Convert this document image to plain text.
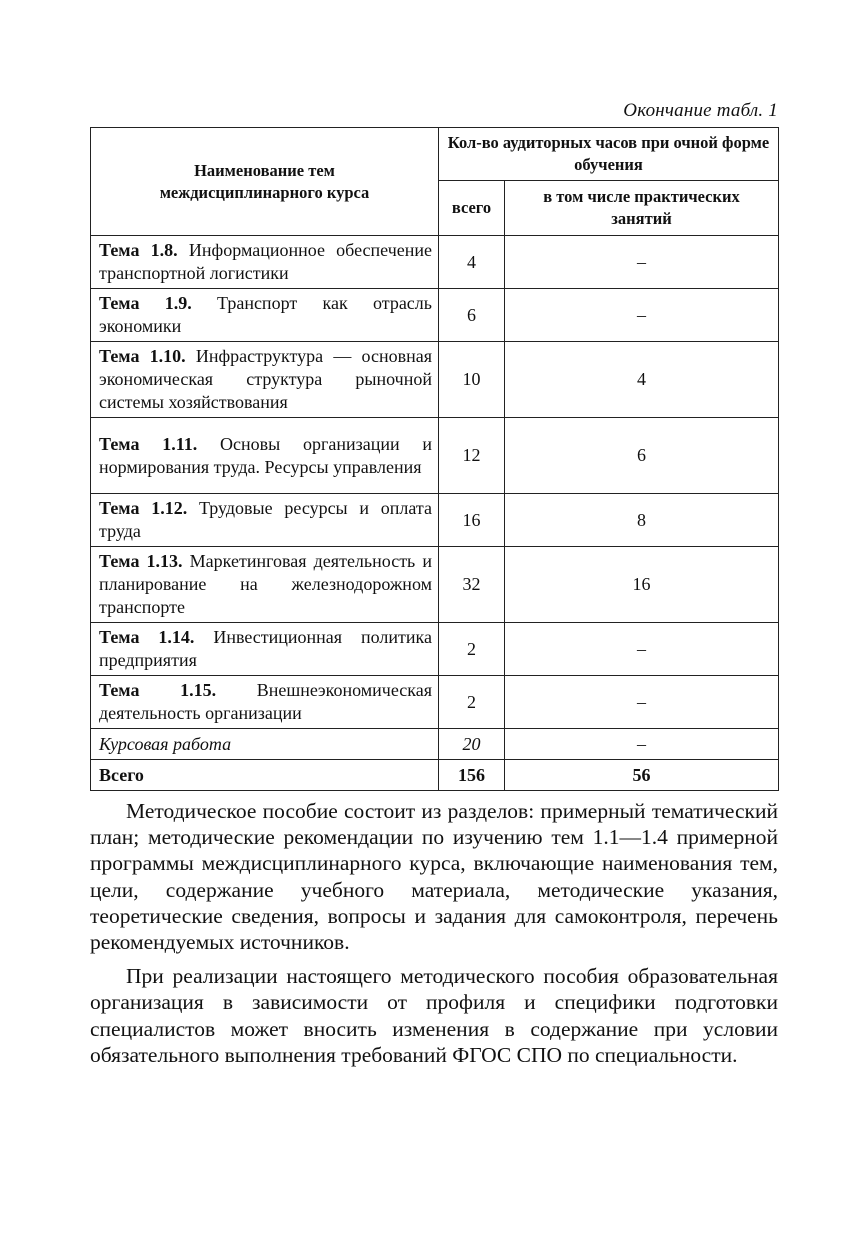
Окончание табл. 1
Наименование тем междисциплинарного курса	Кол-во аудиторных часов при очной форме обучения	
	всего	в том числе практических занятий
Тема 1.8. Информационное обеспечение транспортной логистики	4	–
Тема 1.9. Транспорт как отрасль экономики	6	–
Тема 1.10. Инфраструктура — основная экономическая структура рыночной системы хозяйствования	10	4
Тема 1.11. Основы организации и нормирования труда. Ресурсы управления	12	6
Тема 1.12. Трудовые ресурсы и оплата труда	16	8
Тема 1.13. Маркетинговая деятельность и планирование на железнодорожном транспорте	32	16
Тема 1.14. Инвестиционная политика предприятия	2	–
Тема 1.15. Внешнеэкономическая деятельность организации	2	–
Курсовая работа	20	–
Всего	156	56

Методическое пособие состоит из разделов: примерный тематический план; методические рекомендации по изучению тем 1.1—1.4 примерной программы междисциплинарного курса, включающие наименования тем, цели, содержание учебного материала, методические указания, теоретические сведения, вопросы и задания для самоконтроля, перечень рекомендуемых источников.

При реализации настоящего методического пособия образовательная организация в зависимости от профиля и специфики подготовки специалистов может вносить изменения в содержание при условии обязательного выполнения требований ФГОС СПО по специальности.
